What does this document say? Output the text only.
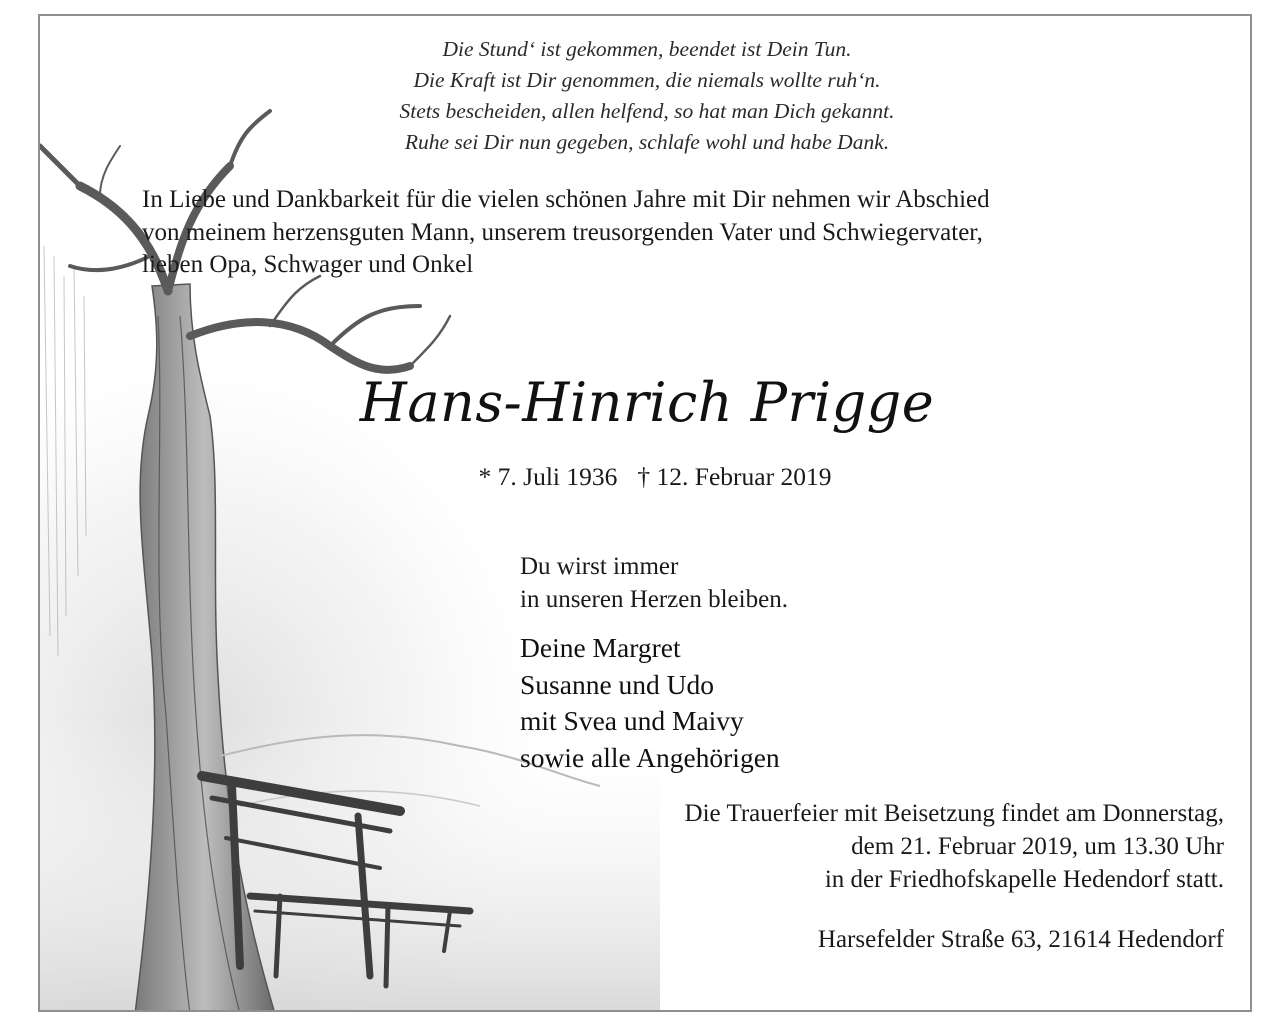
Die Stund‘ ist gekommen, beendet ist Dein Tun.
Die Kraft ist Dir genommen, die niemals wollte ruh‘n.
Stets bescheiden, allen helfend, so hat man Dich gekannt.
Ruhe sei Dir nun gegeben, schlafe wohl und habe Dank.
In Liebe und Dankbarkeit für die vielen schönen Jahre mit Dir nehmen wir Abschied
von meinem herzensguten Mann, unserem treusorgenden Vater und Schwiegervater,
lieben Opa, Schwager und Onkel
Hans-Hinrich Prigge
* 7. Juli 1936 † 12. Februar 2019
Du wirst immer
in unseren Herzen bleiben.
Deine Margret
Susanne und Udo
mit Svea und Maivy
sowie alle Angehörigen
Die Trauerfeier mit Beisetzung findet am Donnerstag,
dem 21. Februar 2019, um 13.30 Uhr
in der Friedhofskapelle Hedendorf statt.
Harsefelder Straße 63, 21614 Hedendorf
